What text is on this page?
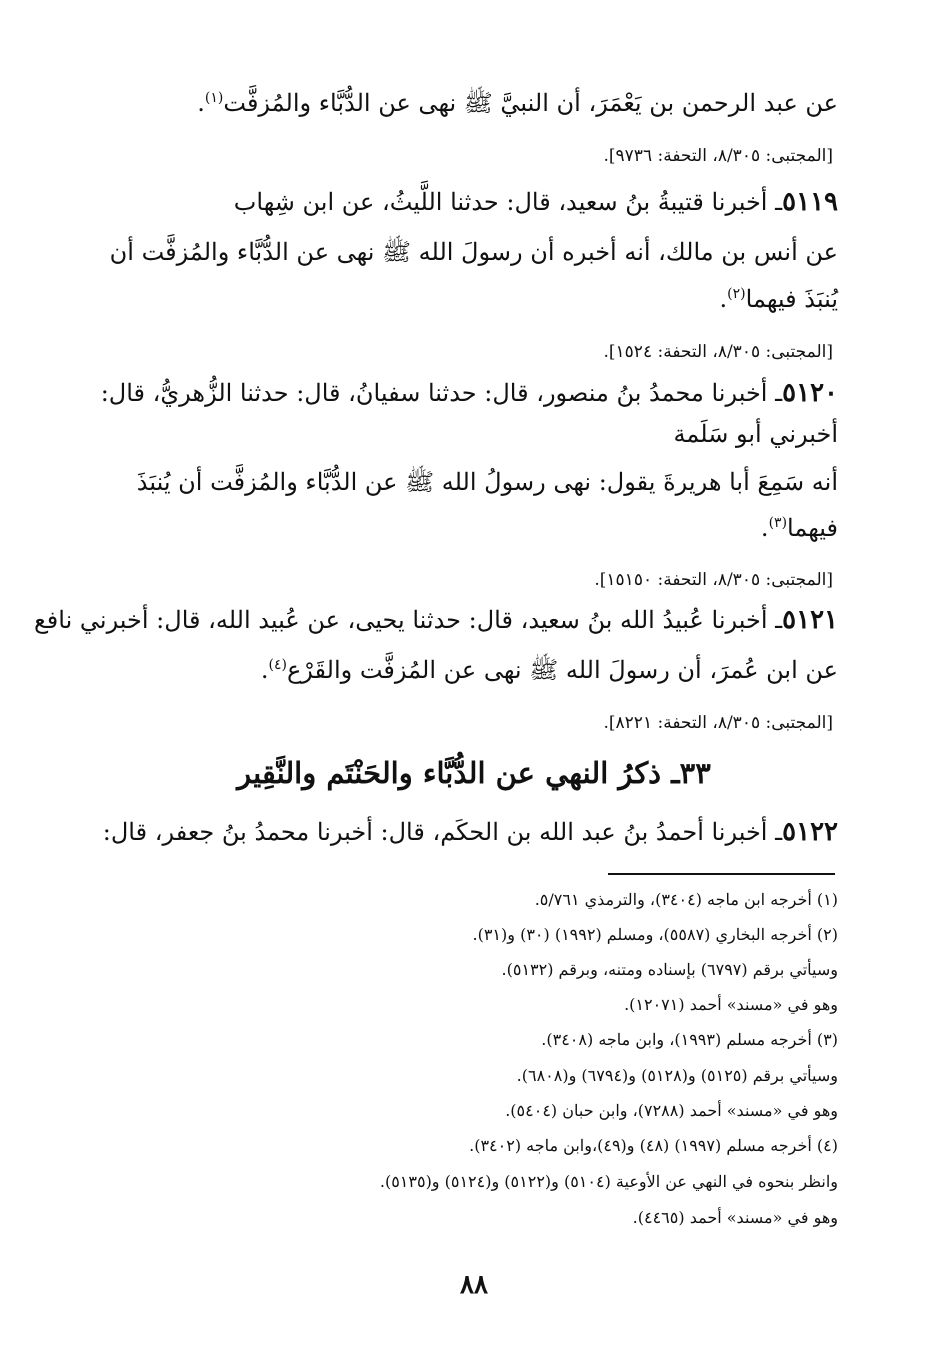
عن عبد الرحمن بن يَعْمَرَ، أن النبيَّ ﷺ نهى عن الدُّبَّاء والمُزفَّت$^{(١)}$.
[المجتبى: ٨/٣٠٥، التحفة: ٩٧٣٦].
٥١١٩ـ أخبرنا قتيبةُ بنُ سعيد، قال: حدثنا اللَّيثُ، عن ابن شِهاب
عن أنس بن مالك، أنه أخبره أن رسولَ الله ﷺ نهى عن الدُّبَّاء والمُزفَّت أن
يُنبَذَ فيهما$^{(٢)}$.
[المجتبى: ٨/٣٠٥، التحفة: ١٥٢٤].
٥١٢٠ـ أخبرنا محمدُ بنُ منصور، قال: حدثنا سفيانُ، قال: حدثنا الزُّهريُّ، قال:
أخبرني أبو سَلَمة
أنه سَمِعَ أبا هريرةَ يقول: نهى رسولُ الله ﷺ عن الدُّبَّاء والمُزفَّت أن يُنبَذَ
فيهما$^{(٣)}$.
[المجتبى: ٨/٣٠٥، التحفة: ١٥١٥٠].
٥١٢١ـ أخبرنا عُبيدُ الله بنُ سعيد، قال: حدثنا يحيى، عن عُبيد الله، قال: أخبرني نافع
عن ابن عُمرَ، أن رسولَ الله ﷺ نهى عن المُزفَّت والقَرْع$^{(٤)}$.
[المجتبى: ٨/٣٠٥، التحفة: ٨٢٢١].
٣٣ـ ذكرُ النهي عن الدُّبَّاء والحَنْتَم والنَّقِير
٥١٢٢ـ أخبرنا أحمدُ بنُ عبد الله بن الحكَم، قال: أخبرنا محمدُ بنُ جعفر، قال:
(١) أخرجه ابن ماجه (٣٤٠٤)، والترمذي ٥/٧٦١.
(٢) أخرجه البخاري (٥٥٨٧)، ومسلم (١٩٩٢) (٣٠) و(٣١).
وسيأتي برقم (٦٧٩٧) بإسناده ومتنه، وبرقم (٥١٣٢).
وهو في «مسند» أحمد (١٢٠٧١).
(٣) أخرجه مسلم (١٩٩٣)، وابن ماجه (٣٤٠٨).
وسيأتي برقم (٥١٢٥) و(٥١٢٨) و(٦٧٩٤) و(٦٨٠٨).
وهو في «مسند» أحمد (٧٢٨٨)، وابن حبان (٥٤٠٤).
(٤) أخرجه مسلم (١٩٩٧) (٤٨) و(٤٩)،وابن ماجه (٣٤٠٢).
وانظر بنحوه في النهي عن الأوعية (٥١٠٤) و(٥١٢٢) و(٥١٢٤) و(٥١٣٥).
وهو في «مسند» أحمد (٤٤٦٥).
٨٨
